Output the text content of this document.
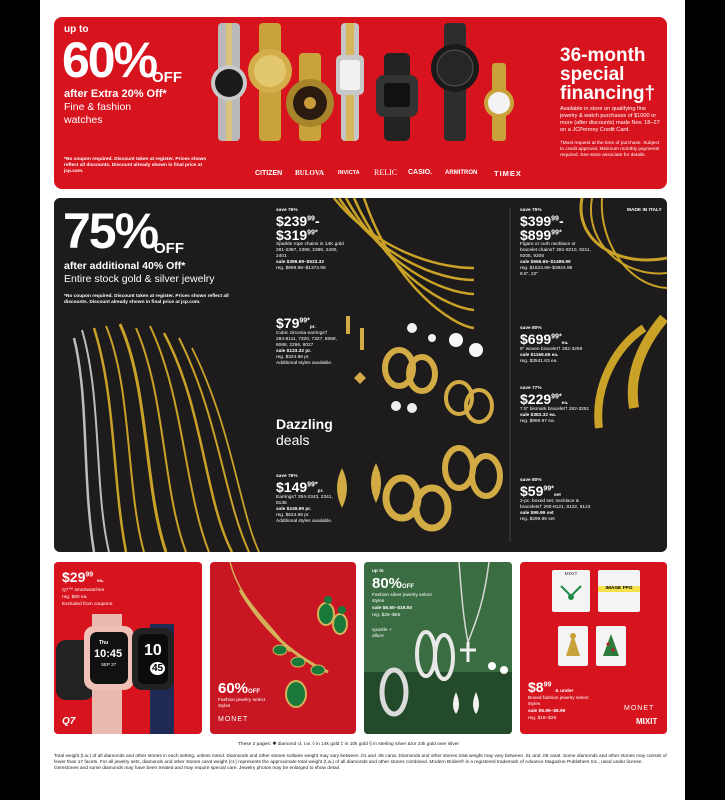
up to
60%
OFF
after Extra 20% Off*
Fine & fashion watches
*No coupon required. Discount taken at register. Prices shown reflect all discounts. Discount already shown in final price at jcp.com.	CITIZEN BULOVA	INVICTA RELIC CASIO. ARMITRON TIMEX
36-month
special
financing†
Available in store on qualifying fine jewelry & watch purchases of $1000 or more (after discounts) made Nov. 18–27 on a JCPenney Credit Card.
†Must request at the time of purchase. Subject to credit approval. Minimum monthly payments required. See store associate for details.
75%
OFF
after additional 40% Off*
Entire stock gold & silver jewelry
*No coupon required. Discount taken at register. Prices shown reflect all discounts. Discount already shown in final price at jcp.com.
save 76%
$\$239^{99}-$
$\$319^{99*}$
Sparkle rope chains in 14K gold 281-2397, 2398, 2399, 2400, 2401
sale $399.99–$533.32
reg. $999.98–$1374.98
$\$79^{99*}pr$.
Cubic zirconia earrings† 284-8111, 7320, 7327, 8069, 8068, 2296, 8027
sale $133.32 pr.
reg. $324.98 pr.
Additional styles available.
Dazzling
deals
save 76%
$\$149^{99*}pr$.
Earrings† 284-2343, 2341, 8136
sale $249.99 pr.
reg. $624.98 pr.
Additional styles available.
save 75%
$\$399^{99}-$
$\$899^{99*}$
Figaro or curb necklace or bracelet chains† 281-9210, 9211, 9205, 9206
sale $666.65–$1499.99
reg. $1624.98–$3624.98
8.5", 22"
MADE IN ITALY
save 80%
$\$699^{99*}ea$.
8" woven bracelet† 282-3259
sale $1166.65 ea.
reg. $3541.63 ea.
save 77%
$\$229^{99*}ea$.
7.5" bismark bracelet† 282-3251
sale $383.32 ea.
reg. $999.97 ea.
save 80%
$\$59^{99*}set$
2-pc. boxed set; necklace & bracelets† 290-8121, 8122, 8123
sale $99.99 set
reg. $299.98 set
$\$29^{99}$ ea.
Q7™ smartwatches
reg. $90 ea.
Excluded from coupons.
Thu
10:45
SEP 27
10
45
Q7
60%OFF
Fashion jewelry select styles
MONET
up to
80%OFF
Fashion silver jewelry select styles
sale $6.50–$19.50
reg. $25–$65
sparkle + allure
MIXIT
IMAGE FPO
$\$8^{99}$ & under
Boxed fashion jewelry select styles
sale $5.99–$8.99
reg. $18–$26
MONET
MIXIT
These 2 pages: ✱ diamond ct. t.w. ◊ in 14k gold ‡ in 10k gold § in sterling silver &/or 24k gold over silver
Total weight (t.w.) of all diamonds and other stones in each setting, unless noted. Diamonds and other stones solitaire weight may vary between .01 and .05 carat. Diamonds and other stones total weight may vary between .01 and .08 carat. Some diamonds and other stones may consist of fewer than 17 facets. For all jewelry sets, diamonds and other stones carat weight (ct.) represents the approximate total weight (t.w.) of all diamonds and other stones combined. Modern Brides® is a registered trademark of Advance Magazine Publishers Inc., used under license. Gemstones and some diamonds may have been treated and may require special care. Jewelry photos may be enlarged to show detail.
